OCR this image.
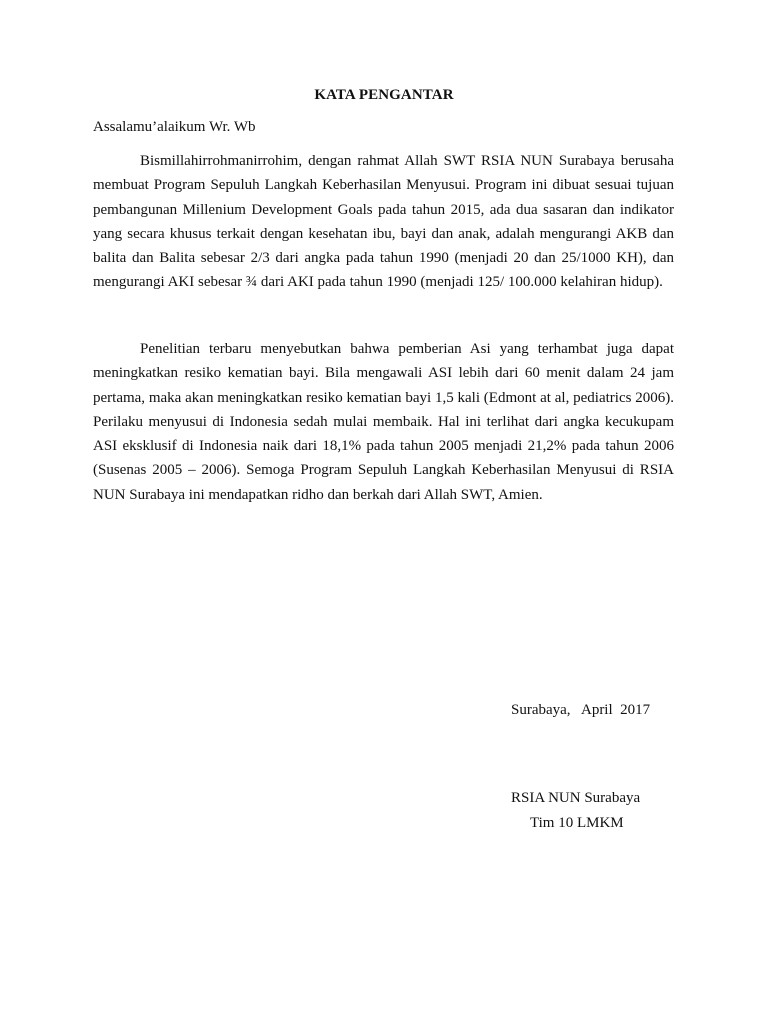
KATA PENGANTAR
Assalamu’alaikum Wr. Wb

Bismillahirrohmanirrohim, dengan rahmat Allah SWT RSIA NUN Surabaya berusaha membuat Program Sepuluh Langkah Keberhasilan Menyusui. Program ini dibuat sesuai tujuan pembangunan Millenium Development Goals pada tahun 2015, ada dua sasaran dan indikator yang secara khusus terkait dengan kesehatan ibu, bayi dan anak, adalah mengurangi AKB dan balita dan Balita sebesar 2/3 dari angka pada tahun 1990 (menjadi 20 dan 25/1000 KH), dan mengurangi AKI sebesar ¾ dari AKI pada tahun 1990 (menjadi 125/ 100.000 kelahiran hidup).

Penelitian terbaru menyebutkan bahwa pemberian Asi yang terhambat juga dapat meningkatkan resiko kematian bayi. Bila mengawali ASI lebih dari 60 menit dalam 24 jam pertama, maka akan meningkatkan resiko kematian bayi 1,5 kali (Edmont at al, pediatrics 2006). Perilaku menyusui di Indonesia sedah mulai membaik. Hal ini terlihat dari angka kecukupam ASI eksklusif di Indonesia naik dari 18,1% pada tahun 2005 menjadi 21,2% pada tahun 2006 (Susenas 2005 – 2006). Semoga Program Sepuluh Langkah Keberhasilan Menyusui di RSIA NUN Surabaya ini mendapatkan ridho dan berkah dari Allah SWT, Amien.

Surabaya,   April  2017
RSIA NUN Surabaya
Tim 10 LMKM
